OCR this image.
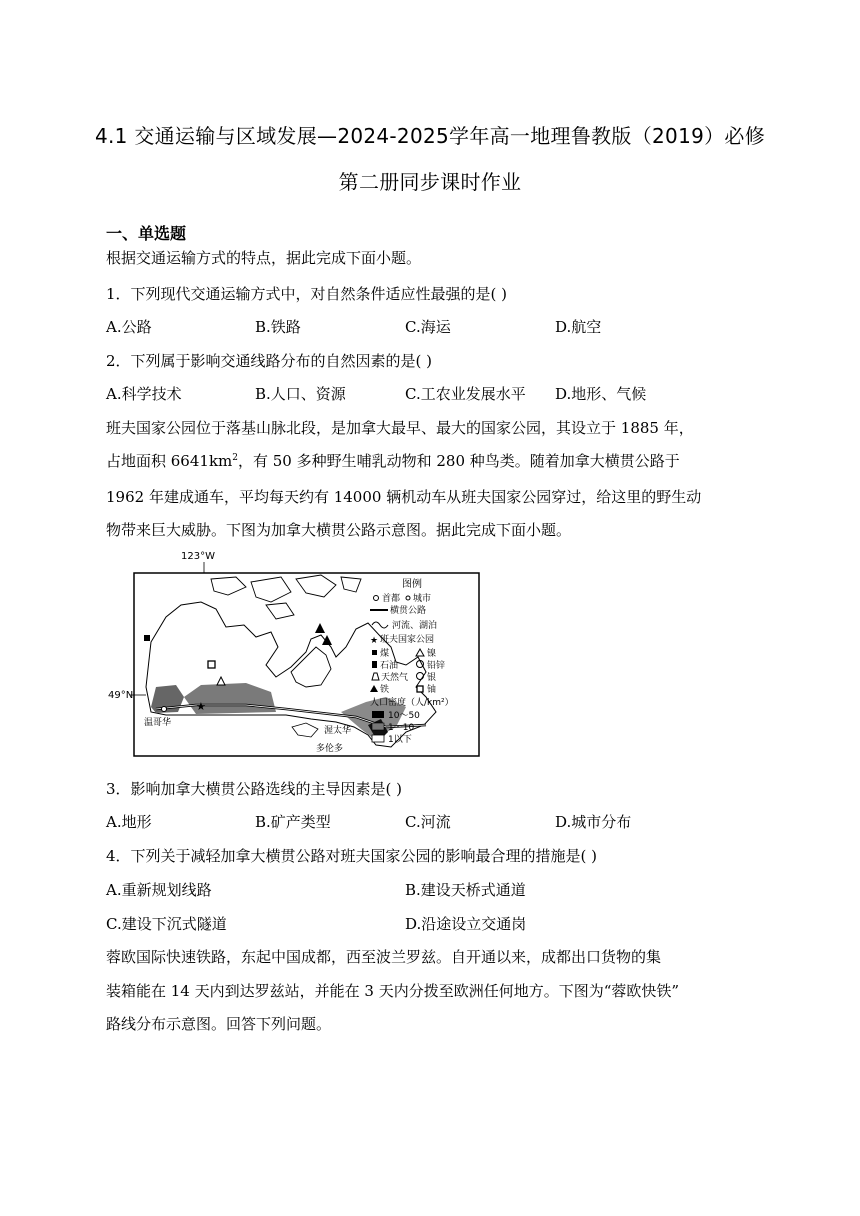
4.1 交通运输与区域发展—2024-2025学年高一地理鲁教版（2019）必修
第二册同步课时作业
一、单选题
根据交通运输方式的特点，据此完成下面小题。
1．下列现代交通运输方式中，对自然条件适应性最强的是( )
A.公路	B.铁路	C.海运	D.航空
2．下列属于影响交通线路分布的自然因素的是( )
A.科学技术	B.人口、资源	C.工农业发展水平 D.地形、气候
班夫国家公园位于落基山脉北段，是加拿大最早、最大的国家公园，其设立于 1885 年，
占地面积 $6641km^2$，有 50 多种野生哺乳动物和 280 种鸟类。随着加拿大横贯公路于
1962 年建成通车，平均每天约有 14000 辆机动车从班夫国家公园穿过，给这里的野生动
物带来巨大威胁。下图为加拿大横贯公路示意图。据此完成下面小题。
123°W
49°N
★
温哥华
渥太华
多伦多
图例
首都 城市
横贯公路
河流、湖泊
★ 班夫国家公园
煤	镍
石油	铅锌
天然气 银
铁	铀
人口密度（人/km²）
10～50
1～10
1以下
3．影响加拿大横贯公路选线的主导因素是( )
A.地形	B.矿产类型	C.河流	D.城市分布
4．下列关于减轻加拿大横贯公路对班夫国家公园的影响最合理的措施是( )
A.重新规划线路	B.建设天桥式通道
C.建设下沉式隧道	D.沿途设立交通岗
蓉欧国际快速铁路，东起中国成都，西至波兰罗兹。自开通以来，成都出口货物的集
装箱能在 14 天内到达罗兹站，并能在 3 天内分拨至欧洲任何地方。下图为“蓉欧快铁”
路线分布示意图。回答下列问题。
